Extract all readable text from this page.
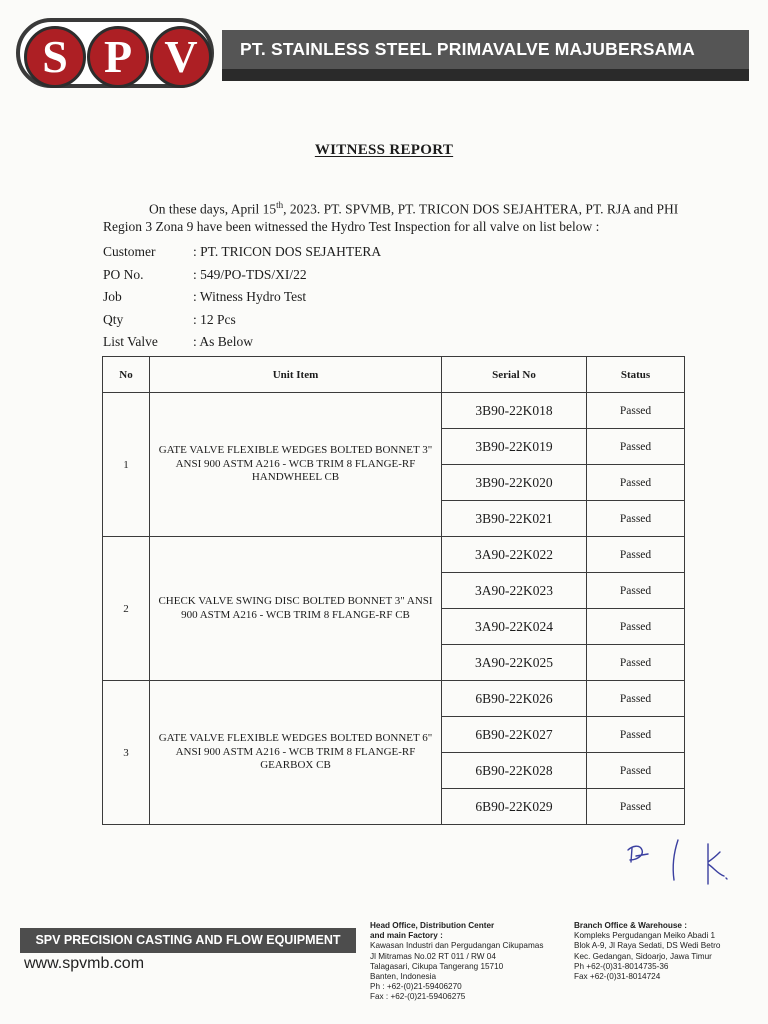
S P V	PT. STAINLESS STEEL PRIMAVALVE MAJUBERSAMA
WITNESS REPORT
On these days, April 15th, 2023. PT. SPVMB, PT. TRICON DOS SEJAHTERA, PT. RJA and PHI Region 3 Zona 9 have been witnessed the Hydro Test Inspection for all valve on list below :
Customer	: PT. TRICON DOS SEJAHTERA
PO No.	: 549/PO-TDS/XI/22
Job	: Witness Hydro Test
Qty	: 12 Pcs
List Valve	: As Below
No	Unit Item	Serial No	Status
1	GATE VALVE FLEXIBLE WEDGES BOLTED BONNET 3" ANSI 900 ASTM A216 - WCB TRIM 8 FLANGE-RF HANDWHEEL CB	3B90-22K018	Passed
		3B90-22K019	Passed
		3B90-22K020	Passed
		3B90-22K021	Passed
2	CHECK VALVE SWING DISC BOLTED BONNET 3" ANSI 900 ASTM A216 - WCB TRIM 8 FLANGE-RF CB	3A90-22K022	Passed
		3A90-22K023	Passed
		3A90-22K024	Passed
		3A90-22K025	Passed
3	GATE VALVE FLEXIBLE WEDGES BOLTED BONNET 6" ANSI 900 ASTM A216 - WCB TRIM 8 FLANGE-RF GEARBOX CB	6B90-22K026	Passed
		6B90-22K027	Passed
		6B90-22K028	Passed
		6B90-22K029	Passed
SPV PRECISION CASTING AND FLOW EQUIPMENT
www.spvmb.com
Head Office, Distribution Center
and main Factory :
Kawasan Industri dan Pergudangan Cikupamas
Jl Mitramas No.02 RT 011 / RW 04
Talagasari, Cikupa Tangerang 15710
Banten, Indonesia
Ph : +62-(0)21-59406270
Fax : +62-(0)21-59406275
Branch Office & Warehouse :
Kompleks Pergudangan Meiko Abadi 1
Blok A-9, Jl Raya Sedati, DS Wedi Betro
Kec. Gedangan, Sidoarjo, Jawa Timur
Ph +62-(0)31-8014735-36
Fax +62-(0)31-8014724
